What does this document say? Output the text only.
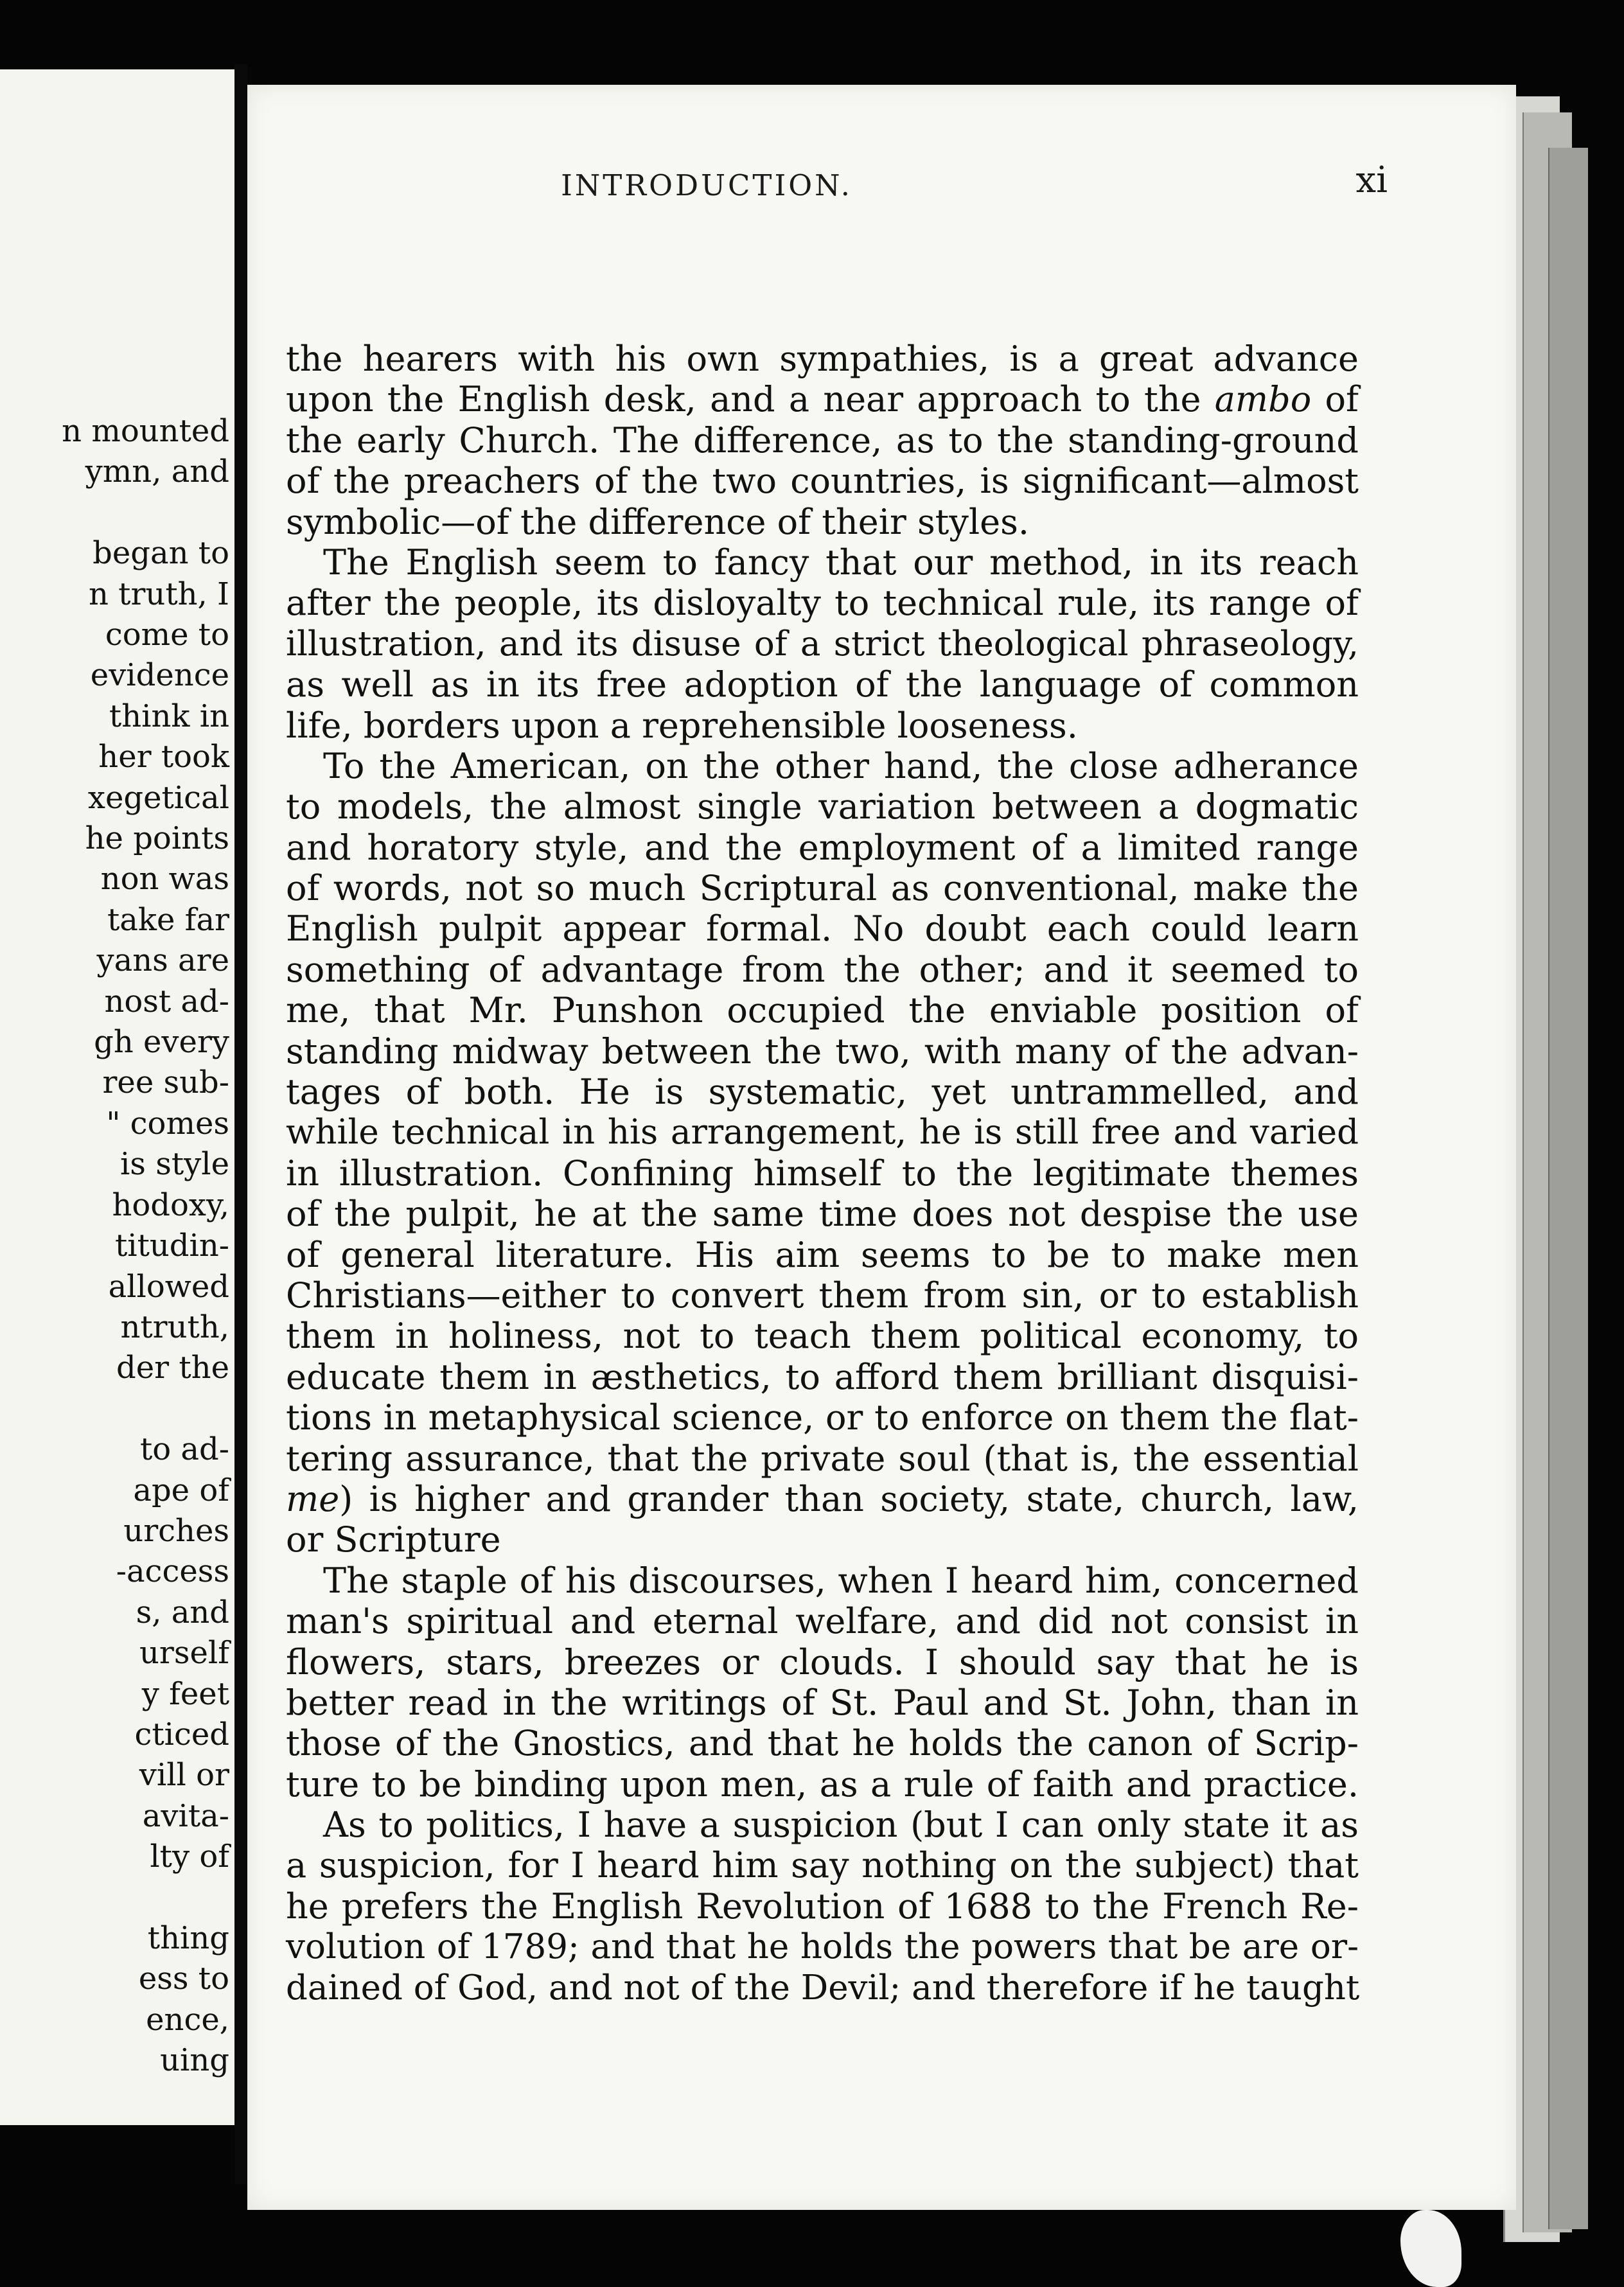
n mounted
ymn, and
began to
n truth, I
come to
evidence
think in
her took
xegetical
he points
non was
take far
yans are
nost ad-
gh every
ree sub-
" comes
is style
hodoxy,
titudin-
allowed
ntruth,
der the
to ad-
ape of
urches
-access
s, and
urself
y feet
cticed
vill or
avita-
lty of
thing
ess to
ence,
uing
the hearers with his own sympathies, is a great advance
upon the English desk, and a near approach to the ambo of
the early Church. The difference, as to the standing-ground
of the preachers of the two countries, is significant—almost
symbolic—of the difference of their styles.
The English seem to fancy that our method, in its reach
after the people, its disloyalty to technical rule, its range of
illustration, and its disuse of a strict theological phraseology,
as well as in its free adoption of the language of common
life, borders upon a reprehensible looseness.
To the American, on the other hand, the close adherance
to models, the almost single variation between a dogmatic
and horatory style, and the employment of a limited range
of words, not so much Scriptural as conventional, make the
English pulpit appear formal. No doubt each could learn
something of advantage from the other; and it seemed to
me, that Mr. Punshon occupied the enviable position of
standing midway between the two, with many of the advan-
tages of both. He is systematic, yet untrammelled, and
while technical in his arrangement, he is still free and varied
in illustration. Confining himself to the legitimate themes
of the pulpit, he at the same time does not despise the use
of general literature. His aim seems to be to make men
Christians—either to convert them from sin, or to establish
them in holiness, not to teach them political economy, to
educate them in æsthetics, to afford them brilliant disquisi-
tions in metaphysical science, or to enforce on them the flat-
tering assurance, that the private soul (that is, the essential
me) is higher and grander than society, state, church, law,
or Scripture
The staple of his discourses, when I heard him, concerned
man's spiritual and eternal welfare, and did not consist in
flowers, stars, breezes or clouds. I should say that he is
better read in the writings of St. Paul and St. John, than in
those of the Gnostics, and that he holds the canon of Scrip-
ture to be binding upon men, as a rule of faith and practice.
As to politics, I have a suspicion (but I can only state it as
a suspicion, for I heard him say nothing on the subject) that
he prefers the English Revolution of 1688 to the French Re-
volution of 1789; and that he holds the powers that be are or-
dained of God, and not of the Devil; and therefore if he taught
INTRODUCTION.	xi
